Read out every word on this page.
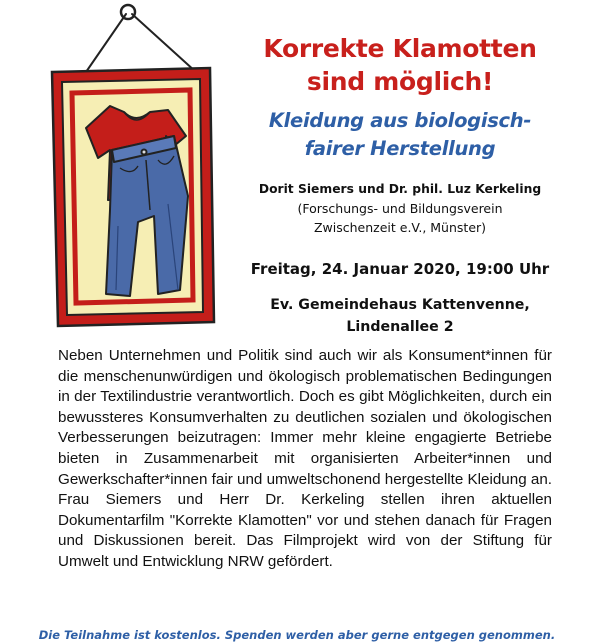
Korrekte Klamotten
sind möglich!
Kleidung aus biologisch-
fairer Herstellung
Dorit Siemers und Dr. phil. Luz Kerkeling
(Forschungs- und Bildungsverein
Zwischenzeit e.V., Münster)
Freitag, 24. Januar 2020, 19:00 Uhr
Ev. Gemeindehaus Kattenvenne,
Lindenallee 2
Neben Unternehmen und Politik sind auch wir als Konsument*innen für die menschenunwürdigen und ökologisch problematischen Bedingungen in der Textilindustrie verantwortlich. Doch es gibt Möglichkeiten, durch ein bewussteres Konsumverhalten zu deutlichen sozialen und ökologischen Verbesserungen beizutragen: Immer mehr kleine engagierte Betriebe bieten in Zusammenarbeit mit organisierten Arbeiter*innen und Gewerkschafter*innen fair und umweltschonend hergestellte Kleidung an. Frau Siemers und Herr Dr. Kerkeling stellen ihren aktuellen Dokumentarfilm "Korrekte Klamotten" vor und stehen danach für Fragen und Diskussionen bereit. Das Filmprojekt wird von der Stiftung für Umwelt und Entwicklung NRW gefördert.
Die Teilnahme ist kostenlos. Spenden werden aber gerne entgegen genommen.
